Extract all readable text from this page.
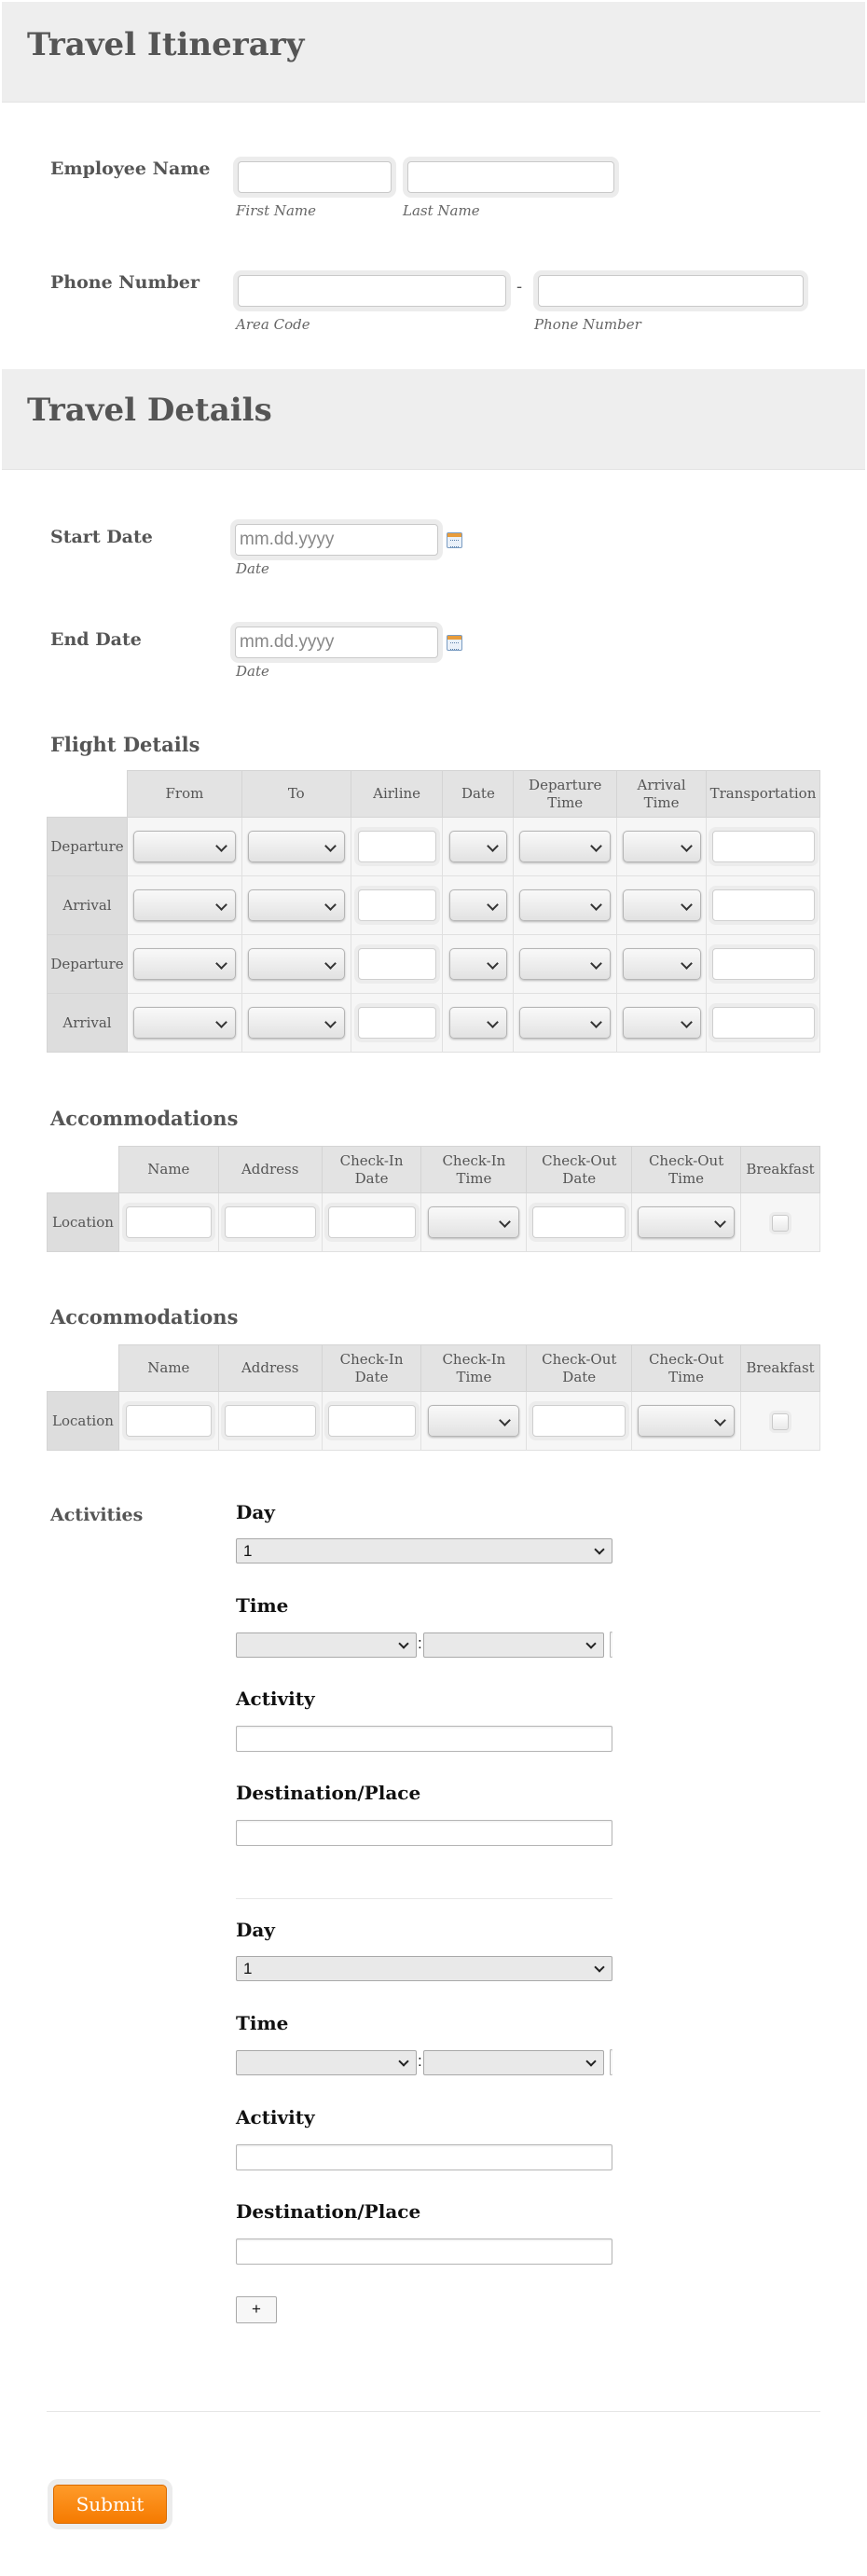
Travel Itinerary
Employee Name
First Name	Last Name
Phone Number	-
Area Code	Phone Number
Travel Details
Start Date	mm.dd.yyyy
Date
End Date	mm.dd.yyyy
Date
Flight Details
	From	To	Airline	Date	Departure Time	Arrival Time	Transportation
Departure							
Arrival							
Departure							
Arrival							
Accommodations
	Name	Address	Check-In Date	Check-In Time	Check-Out Date	Check-Out Time	Breakfast
Location							
Accommodations
	Name	Address	Check-In Date	Check-In Time	Check-Out Date	Check-Out Time	Breakfast
Location							
Activities	Day
1
Time
:
Activity
Destination/Place
Day
1
Time
:
Activity
Destination/Place
+
Submit
